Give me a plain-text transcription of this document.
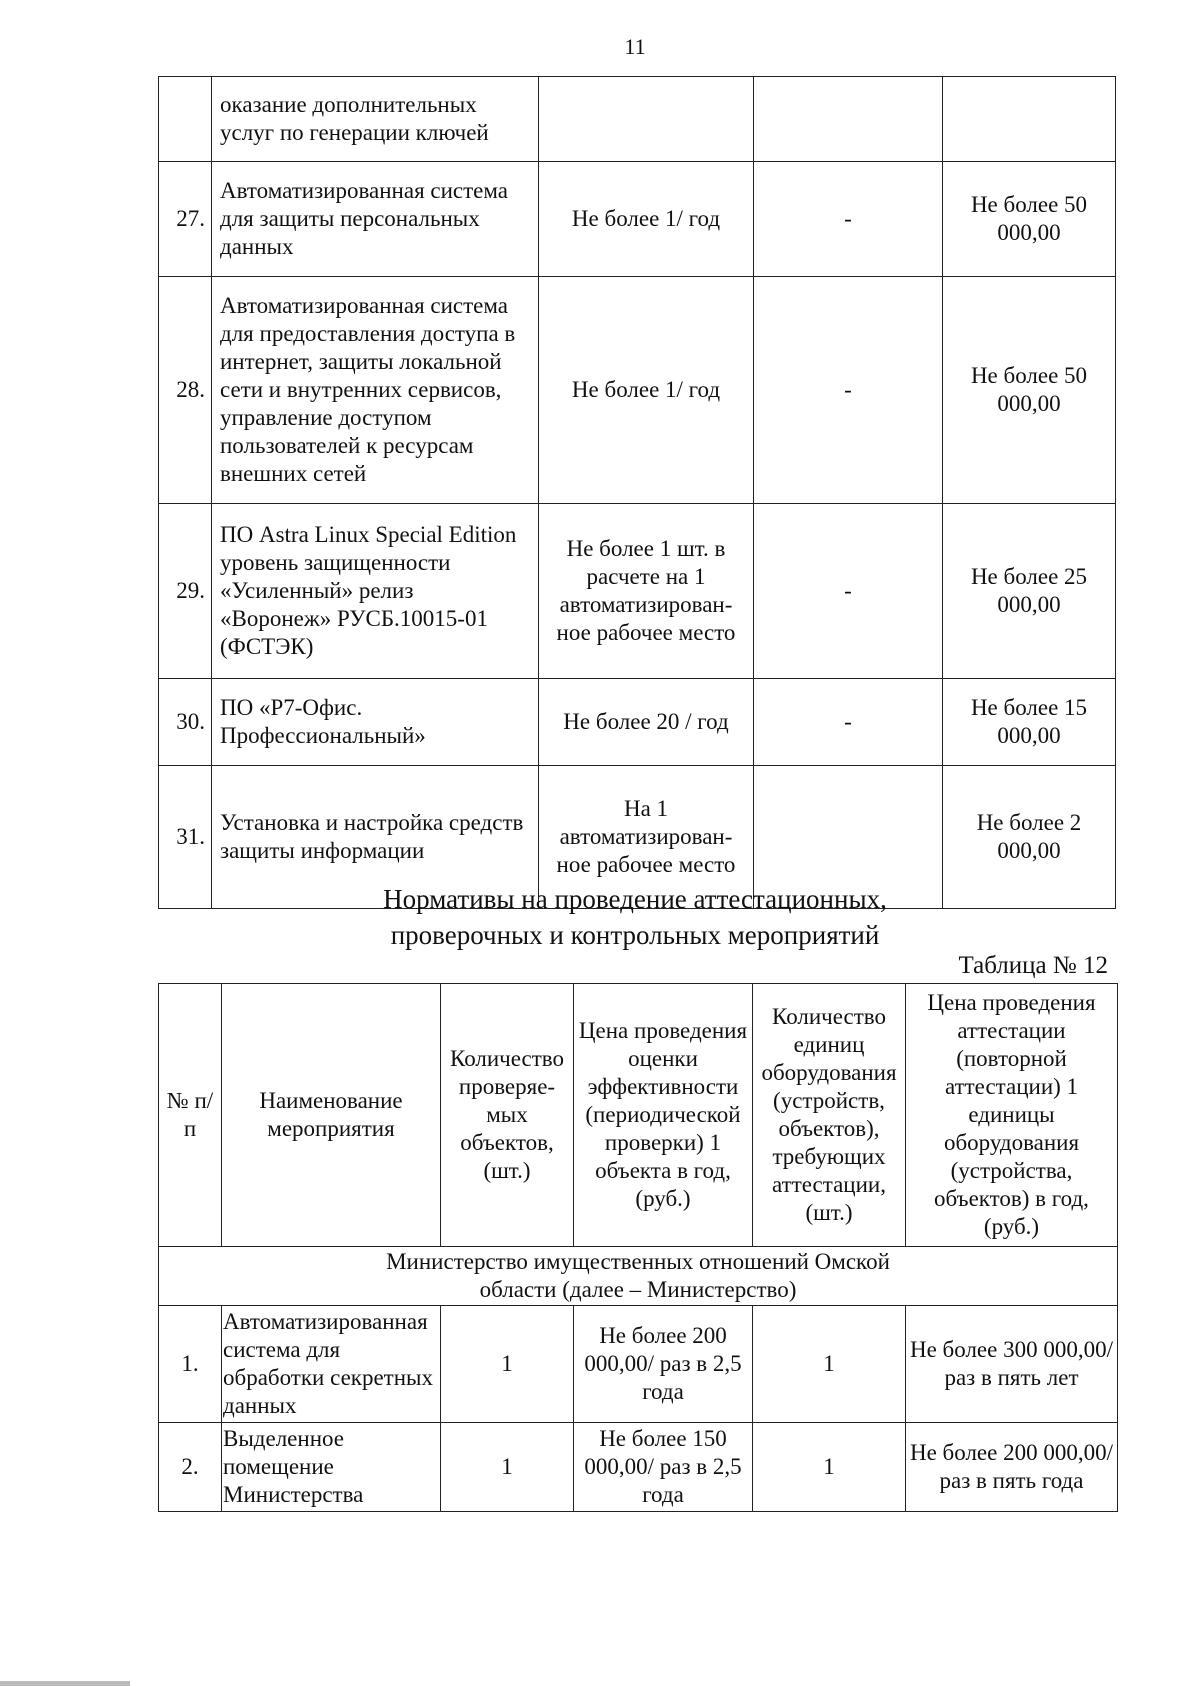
11
	оказание дополнительных услуг по генерации ключей			
27.	Автоматизированная система для защиты персональных данных	Не более 1/ год	-	Не более 50 000,00
28.	Автоматизированная система для предоставления доступа в интернет, защиты локальной сети и внутренних сервисов, управление доступом пользователей к ресурсам внешних сетей	Не более 1/ год	-	Не более 50 000,00
29.	ПО Astra Linux Special Edition уровень защищенности «Усиленный» релиз «Воронеж» РУСБ.10015-01 (ФСТЭК)	Не более 1 шт. в расчете на 1 автоматизирован-ное рабочее место	-	Не более 25 000,00
30.	ПО «Р7-Офис. Профессиональный»	Не более 20 / год	-	Не более 15 000,00
31.	Установка и настройка средств защиты информации	На 1 автоматизирован-ное рабочее место		Не более 2 000,00
Нормативы на проведение аттестационных,
проверочных и контрольных мероприятий
Таблица № 12
№ п/п	Наименование мероприятия	Количество проверяе-мых объектов, (шт.)	Цена проведения оценки эффективности (периодической проверки) 1 объекта в год, (руб.)	Количество единиц оборудования (устройств, объектов), требующих аттестации, (шт.)	Цена проведения аттестации (повторной аттестации) 1 единицы оборудования (устройства, объектов) в год, (руб.)
Министерство имущественных отношений Омской области (далее – Министерство)					
1.	Автоматизированная система для обработки секретных данных	1	Не более 200 000,00/ раз в 2,5 года	1	Не более 300 000,00/ раз в пять лет
2.	Выделенное помещение Министерства	1	Не более 150 000,00/ раз в 2,5 года	1	Не более 200 000,00/ раз в пять года
